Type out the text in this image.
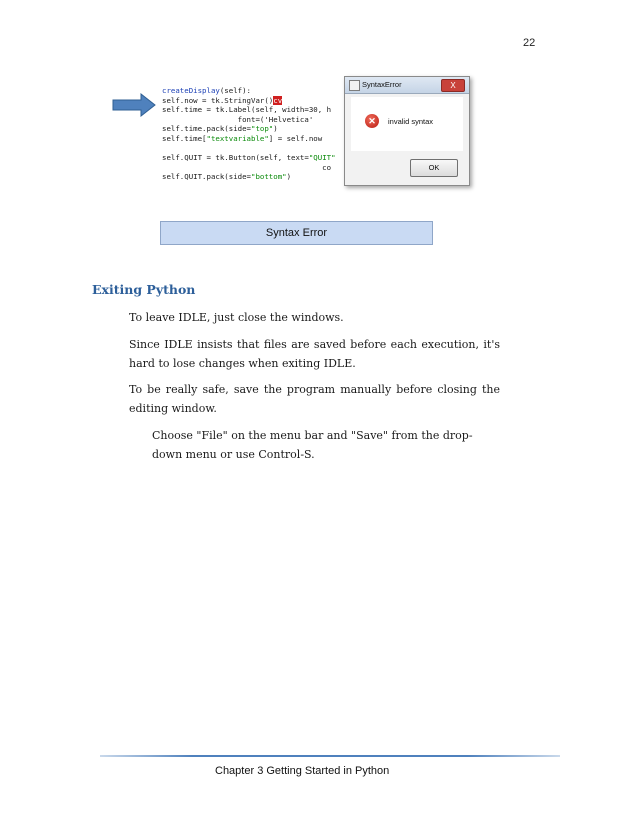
22
createDisplay(self):
self.now = tk.StringVar()cv
self.time = tk.Label(self, width=30, h
font=('Helvetica'
self.time.pack(side="top")
self.time["textvariable"] = self.now

self.QUIT = tk.Button(self, text="QUIT"
co
self.QUIT.pack(side="bottom")
SyntaxError	X
✕	invalid syntax
OK
Syntax Error
Exiting Python

To leave IDLE, just close the windows.

Since IDLE insists that files are saved before each execution, it's hard to lose changes when exiting IDLE.

To be really safe, save the program manually before closing the editing window.

Choose "File" on the menu bar and "Save" from the drop-down menu or use Control-S.

Chapter 3 Getting Started in Python
